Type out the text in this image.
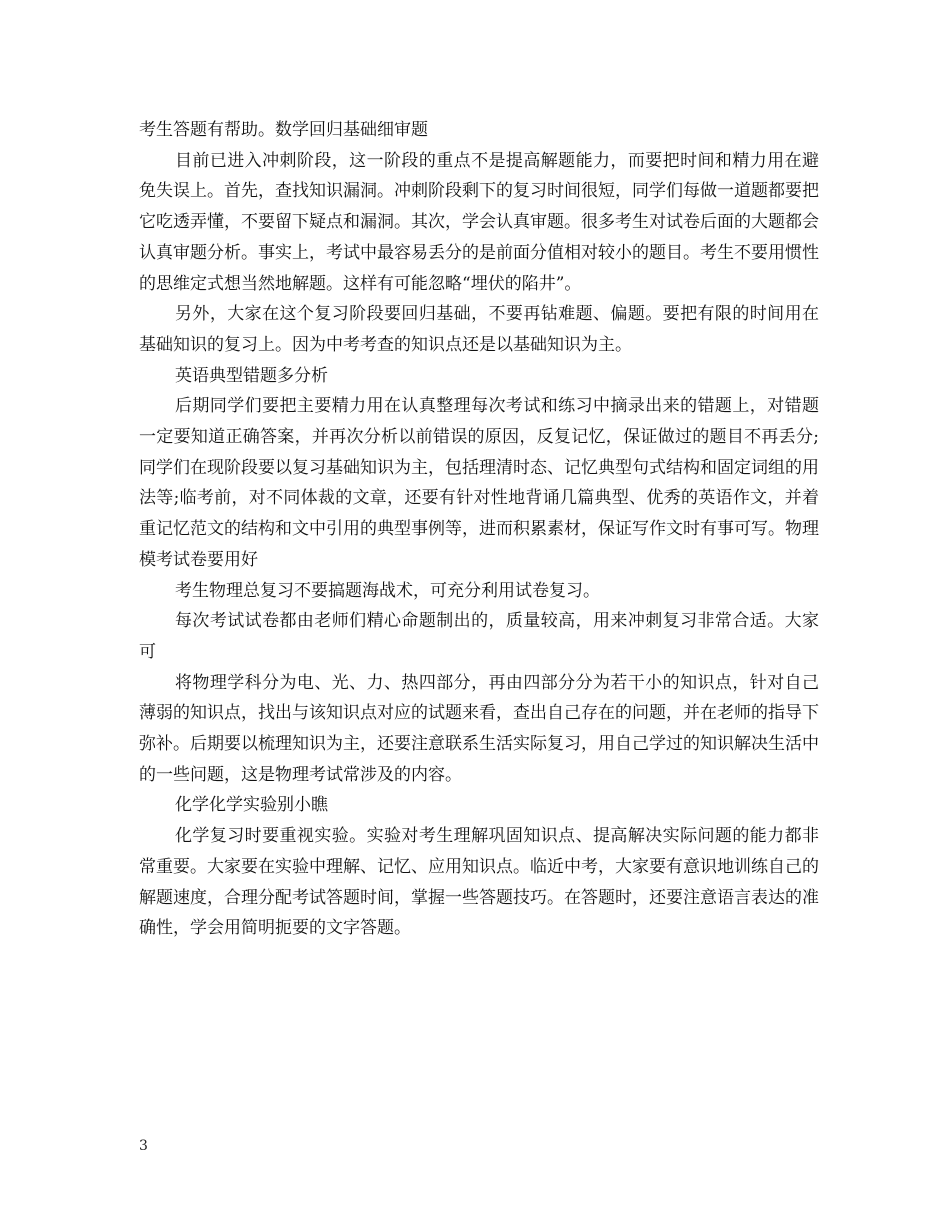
考生答题有帮助。数学回归基础细审题

目前已进入冲刺阶段，这一阶段的重点不是提高解题能力，而要把时间和精力用在避免失误上。首先，查找知识漏洞。冲刺阶段剩下的复习时间很短，同学们每做一道题都要把它吃透弄懂，不要留下疑点和漏洞。其次，学会认真审题。很多考生对试卷后面的大题都会认真审题分析。事实上，考试中最容易丢分的是前面分值相对较小的题目。考生不要用惯性的思维定式想当然地解题。这样有可能忽略“埋伏的陷井”。

另外，大家在这个复习阶段要回归基础，不要再钻难题、偏题。要把有限的时间用在基础知识的复习上。因为中考考查的知识点还是以基础知识为主。

英语典型错题多分析

后期同学们要把主要精力用在认真整理每次考试和练习中摘录出来的错题上，对错题一定要知道正确答案，并再次分析以前错误的原因，反复记忆，保证做过的题目不再丢分;同学们在现阶段要以复习基础知识为主，包括理清时态、记忆典型句式结构和固定词组的用法等;临考前，对不同体裁的文章，还要有针对性地背诵几篇典型、优秀的英语作文，并着重记忆范文的结构和文中引用的典型事例等，进而积累素材，保证写作文时有事可写。物理模考试卷要用好

考生物理总复习不要搞题海战术，可充分利用试卷复习。

每次考试试卷都由老师们精心命题制出的，质量较高，用来冲刺复习非常合适。大家可

将物理学科分为电、光、力、热四部分，再由四部分分为若干小的知识点，针对自己薄弱的知识点，找出与该知识点对应的试题来看，查出自己存在的问题，并在老师的指导下弥补。后期要以梳理知识为主，还要注意联系生活实际复习，用自己学过的知识解决生活中的一些问题，这是物理考试常涉及的内容。

化学化学实验别小瞧

化学复习时要重视实验。实验对考生理解巩固知识点、提高解决实际问题的能力都非常重要。大家要在实验中理解、记忆、应用知识点。临近中考，大家要有意识地训练自己的解题速度，合理分配考试答题时间，掌握一些答题技巧。在答题时，还要注意语言表达的准确性，学会用简明扼要的文字答题。

3
